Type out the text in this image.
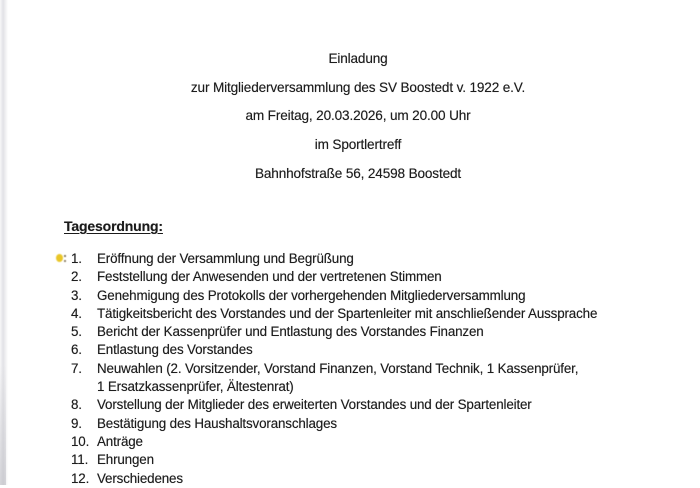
Einladung
zur Mitgliederversammlung des SV Boostedt v. 1922 e.V.
am Freitag, 20.03.2026, um 20.00 Uhr
im Sportlertreff
Bahnhofstraße 56, 24598 Boostedt
Tagesordnung:
1.	Eröffnung der Versammlung und Begrüßung
2.	Feststellung der Anwesenden und der vertretenen Stimmen
3.	Genehmigung des Protokolls der vorhergehenden Mitgliederversammlung
4.	Tätigkeitsbericht des Vorstandes und der Spartenleiter mit anschließender Aussprache
5.	Bericht der Kassenprüfer und Entlastung des Vorstandes Finanzen
6.	Entlastung des Vorstandes
7.	Neuwahlen (2. Vorsitzender, Vorstand Finanzen, Vorstand Technik, 1 Kassenprüfer,
1 Ersatzkassenprüfer, Ältestenrat)
8.	Vorstellung der Mitglieder des erweiterten Vorstandes und der Spartenleiter
9.	Bestätigung des Haushaltsvoranschlages
10. Anträge
11. Ehrungen
12. Verschiedenes
